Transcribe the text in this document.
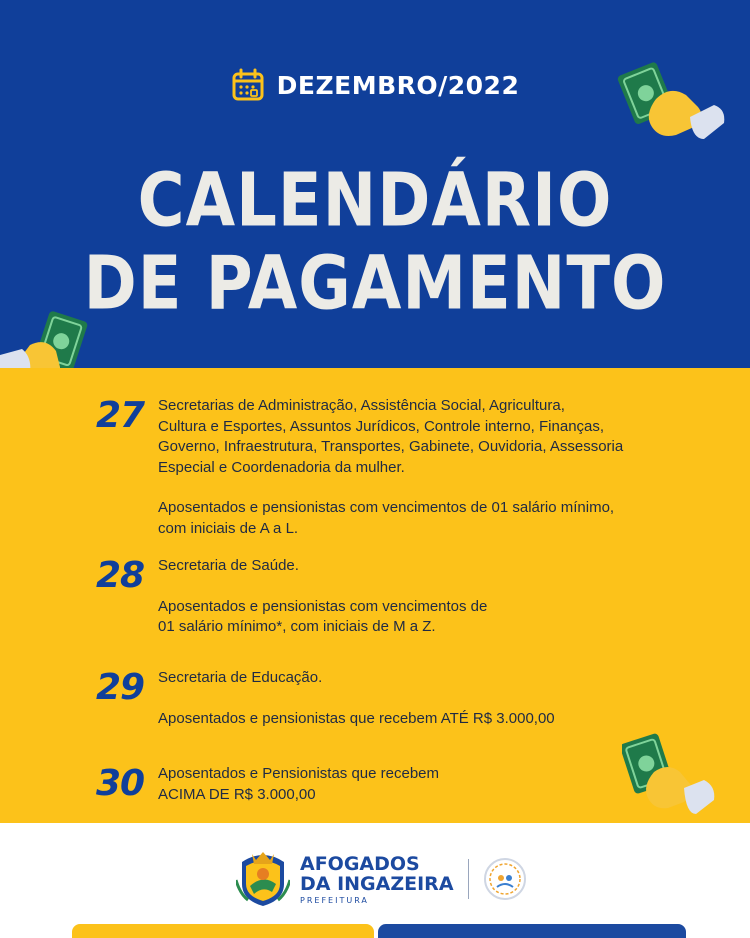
DEZEMBRO/2022
CALENDÁRIO
DE PAGAMENTO
27 Secretarias de Administração, Assistência Social, Agricultura,
Cultura e Esportes, Assuntos Jurídicos, Controle interno, Finanças,
Governo, Infraestrutura, Transportes, Gabinete, Ouvidoria, Assessoria
Especial e Coordenadoria da mulher.

Aposentados e pensionistas com vencimentos de 01 salário mínimo,
com iniciais de A a L.

28 Secretaria de Saúde.

Aposentados e pensionistas com vencimentos de
01 salário mínimo*, com iniciais de M a Z.

29 Secretaria de Educação.

Aposentados e pensionistas que recebem ATÉ R$ 3.000,00

30 Aposentados e Pensionistas que recebem
ACIMA DE R$ 3.000,00

AFOGADOS
DA INGAZEIRA
PREFEITURA
